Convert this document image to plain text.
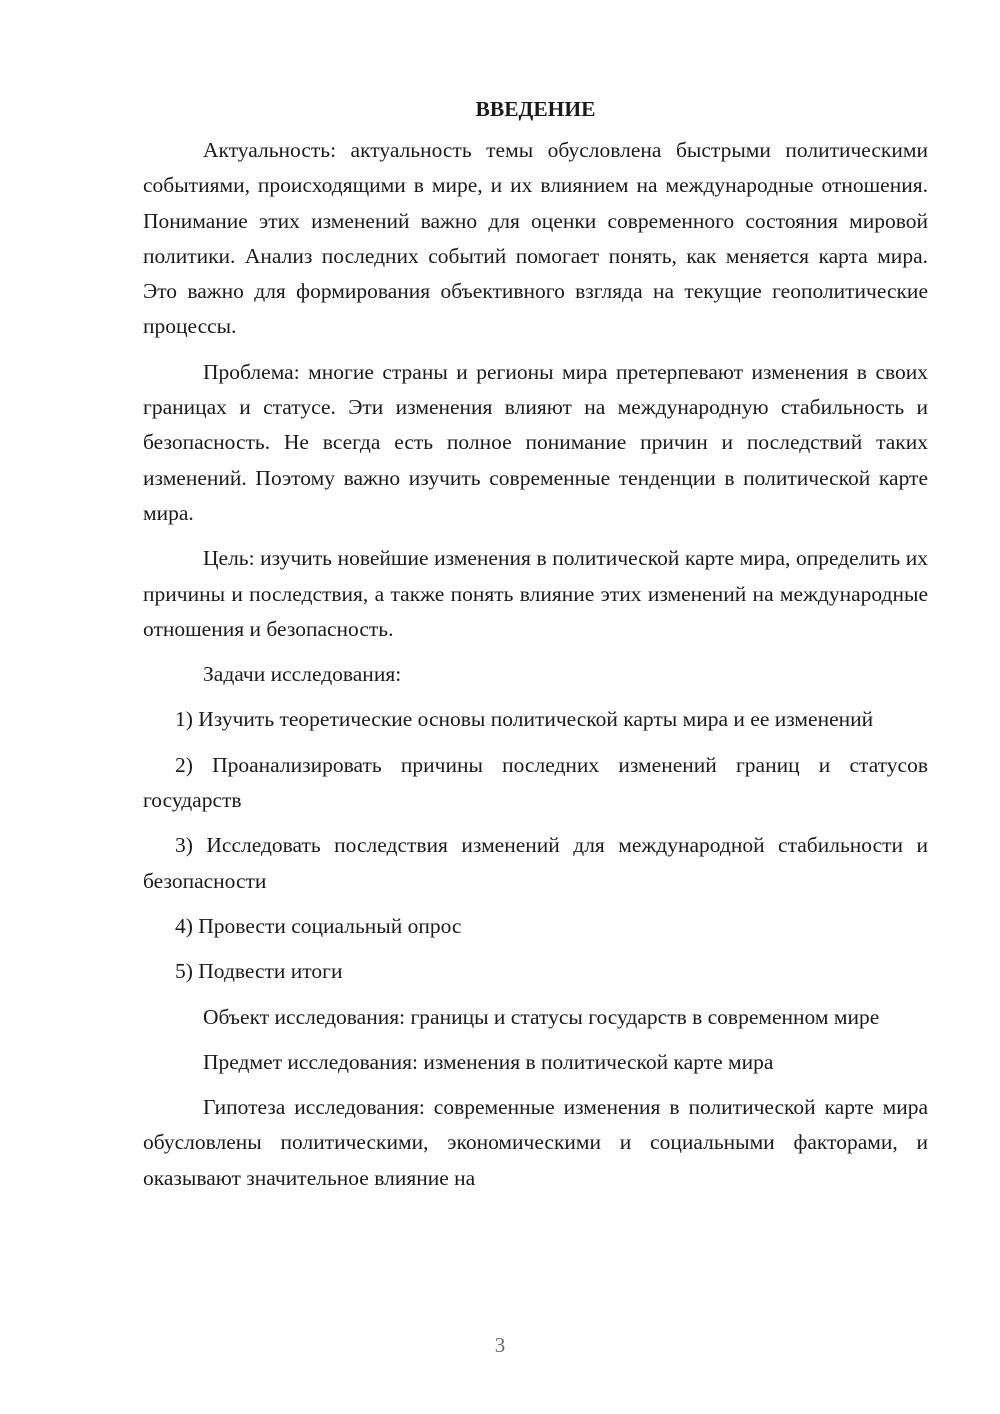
ВВЕДЕНИЕ

Актуальность: актуальность темы обусловлена быстрыми политическими событиями, происходящими в мире, и их влиянием на международные отношения. Понимание этих изменений важно для оценки современного состояния мировой политики. Анализ последних событий помогает понять, как меняется карта мира. Это важно для формирования объективного взгляда на текущие геополитические процессы.

Проблема: многие страны и регионы мира претерпевают изменения в своих границах и статусе. Эти изменения влияют на международную стабильность и безопасность. Не всегда есть полное понимание причин и последствий таких изменений. Поэтому важно изучить современные тенденции в политической карте мира.

Цель: изучить новейшие изменения в политической карте мира, определить их причины и последствия, а также понять влияние этих изменений на международные отношения и безопасность.

Задачи исследования:

1) Изучить теоретические основы политической карты мира и ее изменений

2) Проанализировать причины последних изменений границ и статусов государств

3) Исследовать последствия изменений для международной стабильности и безопасности

4) Провести социальный опрос

5) Подвести итоги

Объект исследования: границы и статусы государств в современном мире

Предмет исследования: изменения в политической карте мира

Гипотеза исследования: современные изменения в политической карте мира обусловлены политическими, экономическими и социальными факторами, и оказывают значительное влияние на

3
